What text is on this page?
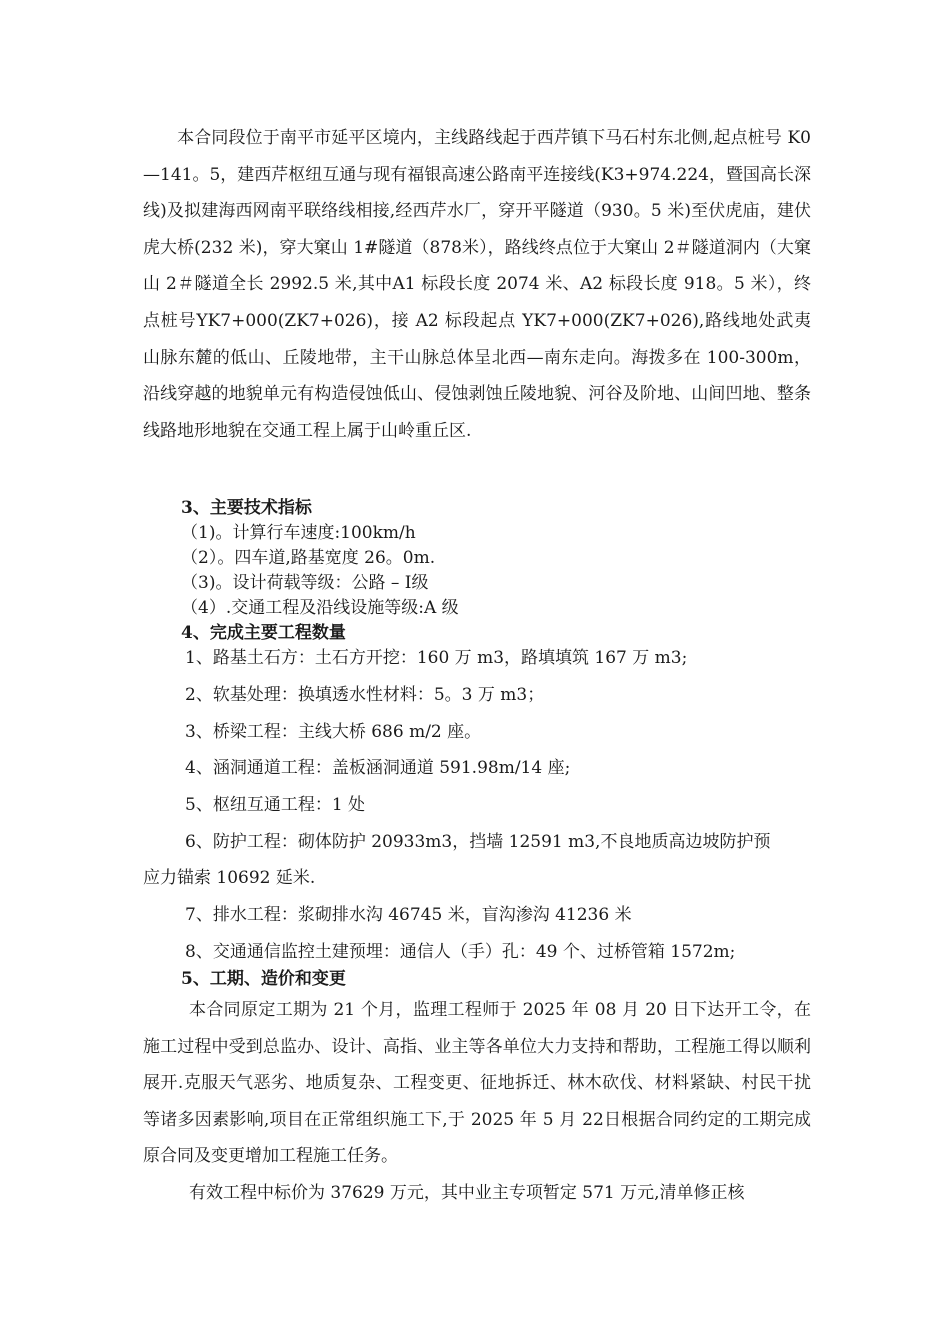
本合同段位于南平市延平区境内，主线路线起于西芹镇下马石村东北侧,起点桩号 K0—141。5，建西芹枢纽互通与现有福银高速公路南平连接线(K3+974.224，暨国高长深线)及拟建海西网南平联络线相接,经西芹水厂，穿开平隧道（930。5 米)至伏虎庙，建伏虎大桥(232 米)，穿大窠山 1#隧道（878米），路线终点位于大窠山 2＃隧道洞内（大窠山 2＃隧道全长 2992.5 米,其中A1 标段长度 2074 米、A2 标段长度 918。5 米），终点桩号YK7+000(ZK7+026)，接 A2 标段起点 YK7+000(ZK7+026),路线地处武夷山脉东麓的低山、丘陵地带，主干山脉总体呈北西—南东走向。海拨多在 100-300m，沿线穿越的地貌单元有构造侵蚀低山、侵蚀剥蚀丘陵地貌、河谷及阶地、山间凹地、整条线路地形地貌在交通工程上属于山岭重丘区.

3、主要技术指标

（1)。计算行车速度:100km/h

（2）。四车道,路基宽度 26。0m.

（3)。设计荷载等级：公路 – Ⅰ级

（4）.交通工程及沿线设施等级:A 级

4、完成主要工程数量

1、路基土石方：土石方开挖：160 万 m3，路填填筑 167 万 m3;

2、软基处理：换填透水性材料：5。3 万 m3；

3、桥梁工程：主线大桥 686 m/2 座。

4、涵洞通道工程：盖板涵洞通道 591.98m/14 座;

5、枢纽互通工程：1 处

6、防护工程：砌体防护 20933m3，挡墙 12591 m3,不良地质高边坡防护预

应力锚索 10692 延米.

7、排水工程：浆砌排水沟 46745 米，盲沟渗沟 41236 米

8、交通通信监控土建预埋：通信人（手）孔：49 个、过桥管箱 1572m;

5、工期、造价和变更

本合同原定工期为 21 个月，监理工程师于 2025 年 08 月 20 日下达开工令，在施工过程中受到总监办、设计、高指、业主等各单位大力支持和帮助，工程施工得以顺利展开.克服天气恶劣、地质复杂、工程变更、征地拆迁、林木砍伐、材料紧缺、村民干扰等诸多因素影响,项目在正常组织施工下,于 2025 年 5 月 22日根据合同约定的工期完成原合同及变更增加工程施工任务。

有效工程中标价为 37629 万元，其中业主专项暂定 571 万元,清单修正核
